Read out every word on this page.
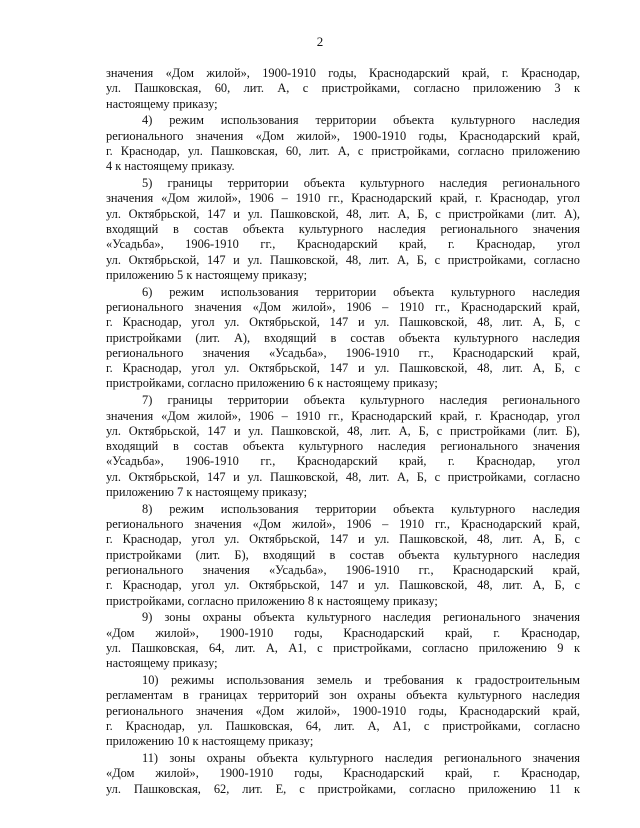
2
значения «Дом жилой», 1900-1910 годы, Краснодарский край, г. Краснодар,
ул. Пашковская, 60, лит. А, с пристройками, согласно приложению 3 к
настоящему приказу;
4) режим использования территории объекта культурного наследия
регионального значения «Дом жилой», 1900-1910 годы, Краснодарский край,
г. Краснодар, ул. Пашковская, 60, лит. А, с пристройками, согласно приложению
4 к настоящему приказу.
5) границы территории объекта культурного наследия регионального
значения «Дом жилой», 1906 – 1910 гг., Краснодарский край, г. Краснодар, угол
ул. Октябрьской, 147 и ул. Пашковской, 48, лит. А, Б, с пристройками (лит. А),
входящий в состав объекта культурного наследия регионального значения
«Усадьба», 1906-1910 гг., Краснодарский край, г. Краснодар, угол
ул. Октябрьской, 147 и ул. Пашковской, 48, лит. А, Б, с пристройками, согласно
приложению 5 к настоящему приказу;
6) режим использования территории объекта культурного наследия
регионального значения «Дом жилой», 1906 – 1910 гг., Краснодарский край,
г. Краснодар, угол ул. Октябрьской, 147 и ул. Пашковской, 48, лит. А, Б, с
пристройками (лит. А), входящий в состав объекта культурного наследия
регионального значения «Усадьба», 1906-1910 гг., Краснодарский край,
г. Краснодар, угол ул. Октябрьской, 147 и ул. Пашковской, 48, лит. А, Б, с
пристройками, согласно приложению 6 к настоящему приказу;
7) границы территории объекта культурного наследия регионального
значения «Дом жилой», 1906 – 1910 гг., Краснодарский край, г. Краснодар, угол
ул. Октябрьской, 147 и ул. Пашковской, 48, лит. А, Б, с пристройками (лит. Б),
входящий в состав объекта культурного наследия регионального значения
«Усадьба», 1906-1910 гг., Краснодарский край, г. Краснодар, угол
ул. Октябрьской, 147 и ул. Пашковской, 48, лит. А, Б, с пристройками, согласно
приложению 7 к настоящему приказу;
8) режим использования территории объекта культурного наследия
регионального значения «Дом жилой», 1906 – 1910 гг., Краснодарский край,
г. Краснодар, угол ул. Октябрьской, 147 и ул. Пашковской, 48, лит. А, Б, с
пристройками (лит. Б), входящий в состав объекта культурного наследия
регионального значения «Усадьба», 1906-1910 гг., Краснодарский край,
г. Краснодар, угол ул. Октябрьской, 147 и ул. Пашковской, 48, лит. А, Б, с
пристройками, согласно приложению 8 к настоящему приказу;
9) зоны охраны объекта культурного наследия регионального значения
«Дом жилой», 1900-1910 годы, Краснодарский край, г. Краснодар,
ул. Пашковская, 64, лит. А, А1, с пристройками, согласно приложению 9 к
настоящему приказу;
10) режимы использования земель и требования к градостроительным
регламентам в границах территорий зон охраны объекта культурного наследия
регионального значения «Дом жилой», 1900-1910 годы, Краснодарский край,
г. Краснодар, ул. Пашковская, 64, лит. А, А1, с пристройками, согласно
приложению 10 к настоящему приказу;
11) зоны охраны объекта культурного наследия регионального значения
«Дом жилой», 1900-1910 годы, Краснодарский край, г. Краснодар,
ул. Пашковская, 62, лит. Е, с пристройками, согласно приложению 11 к
